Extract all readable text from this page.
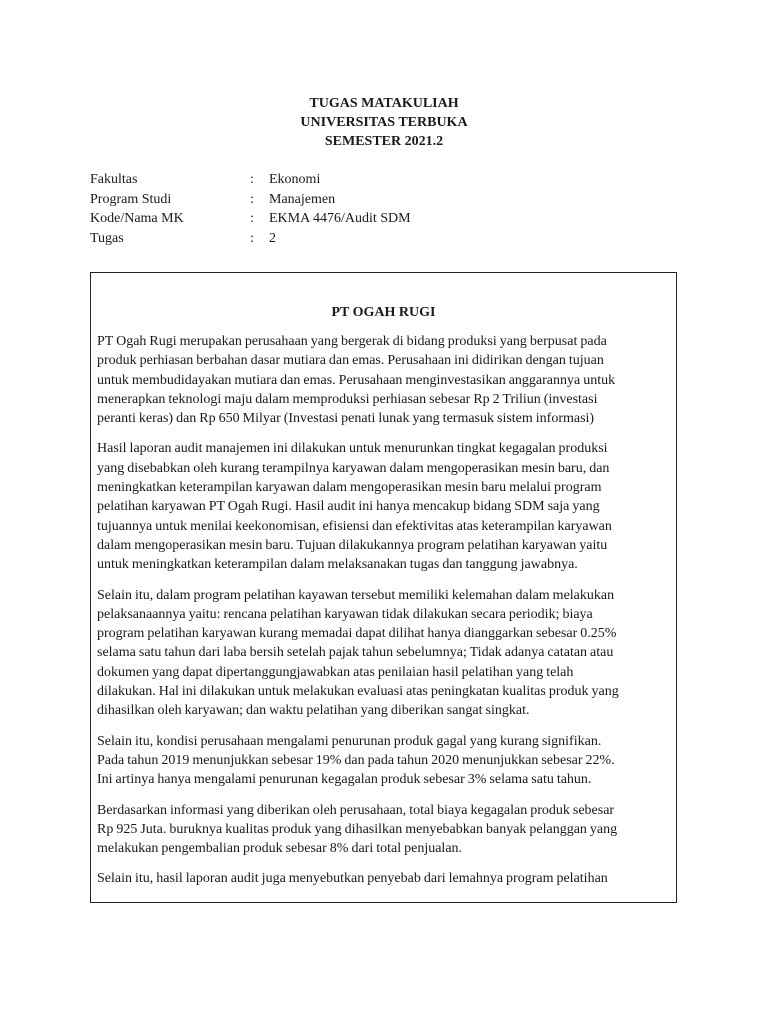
TUGAS MATAKULIAH
UNIVERSITAS TERBUKA
SEMESTER 2021.2
Fakultas	:	Ekonomi
Program Studi	:	Manajemen
Kode/Nama MK	:	EKMA 4476/Audit SDM
Tugas	:	2
PT OGAH RUGI

PT Ogah Rugi merupakan perusahaan yang bergerak di bidang produksi yang berpusat pada
produk perhiasan berbahan dasar mutiara dan emas. Perusahaan ini didirikan dengan tujuan
untuk membudidayakan mutiara dan emas. Perusahaan menginvestasikan anggarannya untuk
menerapkan teknologi maju dalam memproduksi perhiasan sebesar Rp 2 Triliun (investasi
peranti keras) dan Rp 650 Milyar (Investasi penati lunak yang termasuk sistem informasi)

Hasil laporan audit manajemen ini dilakukan untuk menurunkan tingkat kegagalan produksi
yang disebabkan oleh kurang terampilnya karyawan dalam mengoperasikan mesin baru, dan
meningkatkan keterampilan karyawan dalam mengoperasikan mesin baru melalui program
pelatihan karyawan PT Ogah Rugi. Hasil audit ini hanya mencakup bidang SDM saja yang
tujuannya untuk menilai keekonomisan, efisiensi dan efektivitas atas keterampilan karyawan
dalam mengoperasikan mesin baru. Tujuan dilakukannya program pelatihan karyawan yaitu
untuk meningkatkan keterampilan dalam melaksanakan tugas dan tanggung jawabnya.

Selain itu, dalam program pelatihan kayawan tersebut memiliki kelemahan dalam melakukan
pelaksanaannya yaitu: rencana pelatihan karyawan tidak dilakukan secara periodik; biaya
program pelatihan karyawan kurang memadai dapat dilihat hanya dianggarkan sebesar 0.25%
selama satu tahun dari laba bersih setelah pajak tahun sebelumnya; Tidak adanya catatan atau
dokumen yang dapat dipertanggungjawabkan atas penilaian hasil pelatihan yang telah
dilakukan. Hal ini dilakukan untuk melakukan evaluasi atas peningkatan kualitas produk yang
dihasilkan oleh karyawan; dan waktu pelatihan yang diberikan sangat singkat.

Selain itu, kondisi perusahaan mengalami penurunan produk gagal yang kurang signifikan.
Pada tahun 2019 menunjukkan sebesar 19% dan pada tahun 2020 menunjukkan sebesar 22%.
Ini artinya hanya mengalami penurunan kegagalan produk sebesar 3% selama satu tahun.

Berdasarkan informasi yang diberikan oleh perusahaan, total biaya kegagalan produk sebesar
Rp 925 Juta. buruknya kualitas produk yang dihasilkan menyebabkan banyak pelanggan yang
melakukan pengembalian produk sebesar 8% dari total penjualan.

Selain itu, hasil laporan audit juga menyebutkan penyebab dari lemahnya program pelatihan
